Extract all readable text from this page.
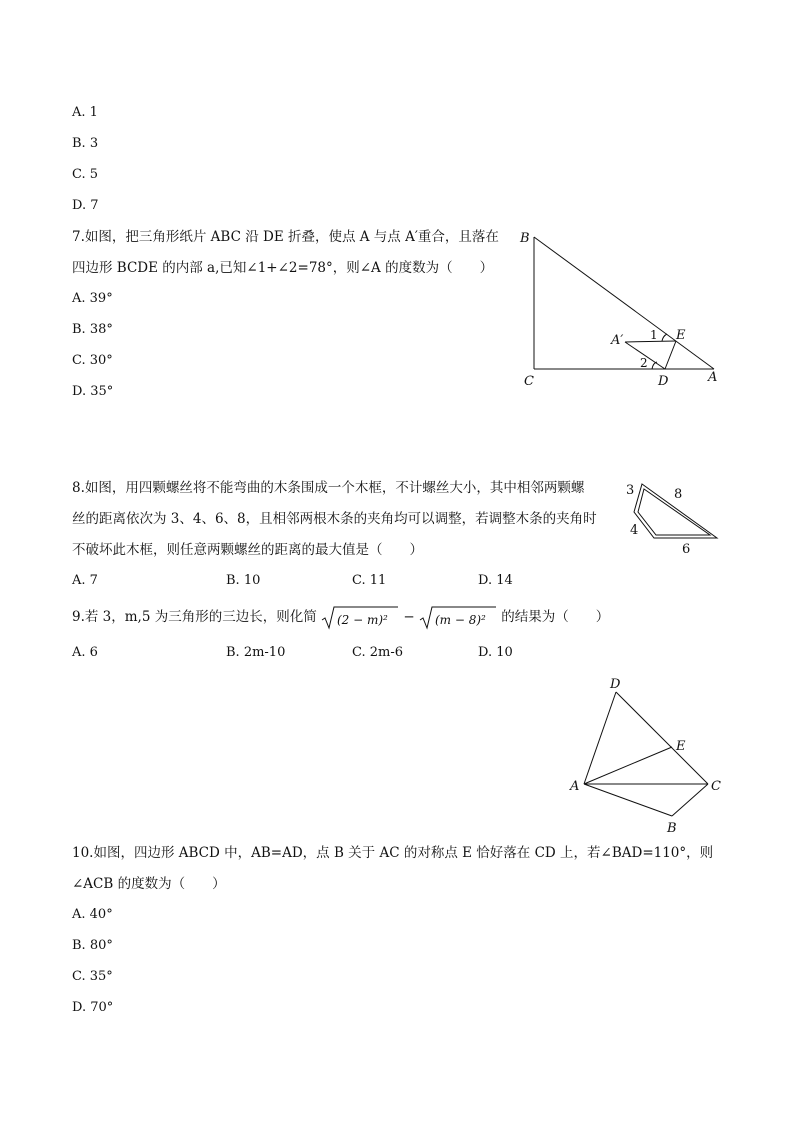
A. 1
B. 3
C. 5
D. 7
7.如图，把三角形纸片 ABC 沿 DE 折叠，使点 A 与点 A′重合，且落在
四边形 BCDE 的内部 a,已知∠1+∠2=78°，则∠A 的度数为（　　）
A. 39°
B. 38°
C. 30°
D. 35°
B
C	D	A
E
A′ 1
2
8.如图，用四颗螺丝将不能弯曲的木条围成一个木框，不计螺丝大小，其中相邻两颗螺
丝的距离依次为 3、4、6、8，且相邻两根木条的夹角均可以调整，若调整木条的夹角时
不破坏此木框，则任意两颗螺丝的距离的最大值是（　　）
A. 7	B. 10	C. 11	D. 14
3	8
4
6
9.若 3，m,5 为三角形的三边长，则化简 (2 − m)² − (m − 8)² 的结果为（　　）
A. 6	B. 2m-10	C. 2m-6	D. 10
D
E
A	C
B
10.如图，四边形 ABCD 中，AB=AD，点 B 关于 AC 的对称点 E 恰好落在 CD 上，若∠BAD=110°，则
∠ACB 的度数为（　　）
A. 40°
B. 80°
C. 35°
D. 70°
